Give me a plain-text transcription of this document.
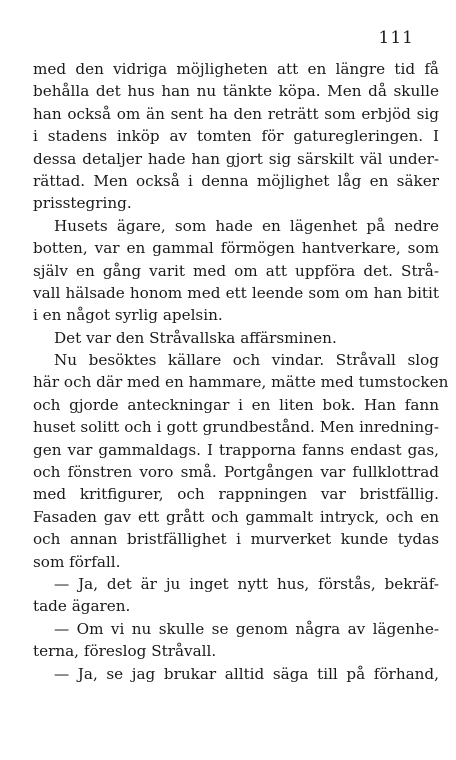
111
med den vidriga möjligheten att en längre tid få
behålla det hus han nu tänkte köpa. Men då skulle
han också om än sent ha den reträtt som erbjöd sig
i stadens inköp av tomten för gaturegleringen. I
dessa detaljer hade han gjort sig särskilt väl under-
rättad. Men också i denna möjlighet låg en säker
prisstegring.
Husets ägare, som hade en lägenhet på nedre
botten, var en gammal förmögen hantverkare, som
själv en gång varit med om att uppföra det. Strå-
vall hälsade honom med ett leende som om han bitit
i en något syrlig apelsin.
Det var den Stråvallska affärsminen.
Nu besöktes källare och vindar. Stråvall slog
här och där med en hammare, mätte med tumstocken
och gjorde anteckningar i en liten bok. Han fann
huset solitt och i gott grundbestånd. Men inredning-
gen var gammaldags. I trapporna fanns endast gas,
och fönstren voro små. Portgången var fullklottrad
med kritfigurer, och rappningen var bristfällig.
Fasaden gav ett grått och gammalt intryck, och en
och annan bristfällighet i murverket kunde tydas
som förfall.
— Ja, det är ju inget nytt hus, förstås, bekräf-
tade ägaren.
— Om vi nu skulle se genom några av lägenhe-
terna, föreslog Stråvall.
— Ja, se jag brukar alltid säga till på förhand,
